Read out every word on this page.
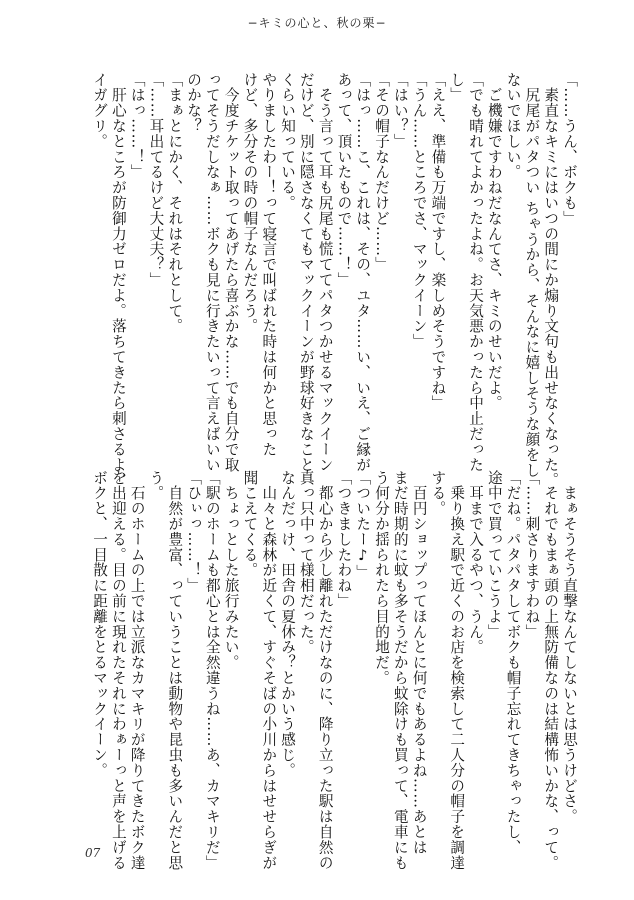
−キミの心と、秋の栗−
「……うん、ボクも」
　素直なキミにはいつの間にか煽り文句も出せなくなった。
　尻尾がパタつい ちゃうから、そんなに嬉しそうな顔をし
ないでほしい。
　ご機嫌ですわねだなんてさ、キミのせいだよ。
「でも晴れてよかったよね。お天気悪かったら中止だった
し」
「ええ、準備も万端ですし、楽しめそうですね」
「うん……ところでさ、マックイーン」
「はい？」
「その帽子なんだけど……」
「はっ……こ、これは、その、ユタ……い、いえ、ご縁が
あって、頂いたもので……！」
　そう言って耳も尻尾も慌ててパタつかせるマックイーン
だけど、別に隠さなくてもマックイーンが野球好きなこと
くらい知っている。
やりましたわー！って寝言で叫ばれた時は何かと思った
けど、多分その時の帽子なんだろう。
　今度チケット取ってあげたら喜ぶかな……でも自分で取
ってそうだしなぁ……ボクも見に行きたいって言えばいい
のかな？
「まぁとにかく、それはそれとして。
「……耳出てるけど大丈夫？」
「はっ……！」
　肝心なところが防御力ゼロだよ。落ちてきたら刺さるよ、
イガグリ。
　まぁそうそう直撃なんてしないとは思うけどさ。
　それでもまぁ頭の上無防備なのは結構怖いかな、って。
「……刺さりますわね」
「だね。パタパタしてボクも帽子忘れてきちゃったし、
途中で買っていこうよ」
　耳まで入るやつ、うん。
　乗り換え駅で近くのお店を検索して二人分の帽子を調達
する。
　百円ショップってほんとに何でもあるよね……あとは
まだ時期的に蚊も多そうだから蚊除けも買って、電車にも
う何分か揺られたら目的地だ。
「ついたー♪」
「つきましたわね」
　都心から少し離れただけなのに、降り立った駅は自然の
真っ只中って様相だった。
なんだっけ、田舎の夏休み？とかいう感じ。
　山々と森林が近くて、すぐそばの小川からはせせらぎが
聞こえてくる。
　ちょっとした旅行みたい。
「駅のホームも都心とは全然違うね……あ、カマキリだ」
「ひぃっ……！」
　自然が豊富、っていうことは動物や昆虫も多いんだと思
う。
　石のホームの上では立派なカマキリが降りてきたボク達
を出迎える。目の前に現れたそれにわぁーっと声を上げる
ボクと、一目散に距離をとるマックイーン。
07
